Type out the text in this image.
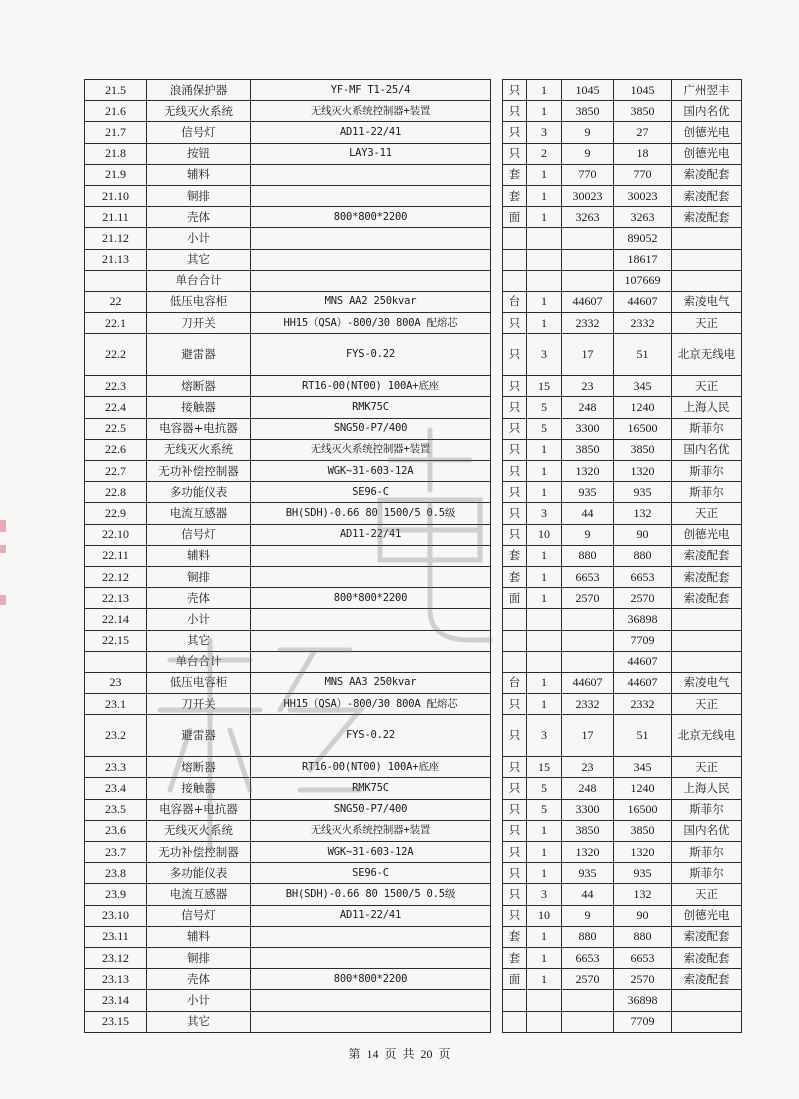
21.5	浪涌保护器	YF-MF T1-25/4		只	1	1045	1045	广州翌丰
21.6	无线灭火系统	无线灭火系统控制器+装置		只	1	3850	3850	国内名优
21.7	信号灯	AD11-22/41		只	3	9	27	创德光电
21.8	按钮	LAY3-11		只	2	9	18	创德光电
21.9	辅料			套	1	770	770	索凌配套
21.10	铜排			套	1	30023	30023	索凌配套
21.11	壳体	800*800*2200		面	1	3263	3263	索凌配套
21.12	小计						89052	
21.13	其它						18617	
	单台合计						107669	
22	低压电容柜	MNS AA2 250kvar		台	1	44607	44607	索凌电气
22.1	刀开关	HH15（QSA）-800/30 800A 配熔芯		只	1	2332	2332	天正
22.2	避雷器	FYS-0.22		只	3	17	51	北京无线电
22.3	熔断器	RT16-00(NT00) 100A+底座		只	15	23	345	天正
22.4	接触器	RMK75C		只	5	248	1240	上海人民
22.5	电容器+电抗器	SNG50-P7/400		只	5	3300	16500	斯菲尔
22.6	无线灭火系统	无线灭火系统控制器+装置		只	1	3850	3850	国内名优
22.7	无功补偿控制器	WGK~31-603-12A		只	1	1320	1320	斯菲尔
22.8	多功能仪表	SE96-C		只	1	935	935	斯菲尔
22.9	电流互感器	BH(SDH)-0.66 80 1500/5 0.5级		只	3	44	132	天正
22.10	信号灯	AD11-22/41		只	10	9	90	创德光电
22.11	辅料			套	1	880	880	索凌配套
22.12	铜排			套	1	6653	6653	索凌配套
22.13	壳体	800*800*2200		面	1	2570	2570	索凌配套
22.14	小计						36898	
22.15	其它						7709	
	单台合计						44607	
23	低压电容柜	MNS AA3 250kvar		台	1	44607	44607	索凌电气
23.1	刀开关	HH15（QSA）-800/30 800A 配熔芯		只	1	2332	2332	天正
23.2	避雷器	FYS-0.22		只	3	17	51	北京无线电
23.3	熔断器	RT16-00(NT00) 100A+底座		只	15	23	345	天正
23.4	接触器	RMK75C		只	5	248	1240	上海人民
23.5	电容器+电抗器	SNG50-P7/400		只	5	3300	16500	斯菲尔
23.6	无线灭火系统	无线灭火系统控制器+装置		只	1	3850	3850	国内名优
23.7	无功补偿控制器	WGK~31-603-12A		只	1	1320	1320	斯菲尔
23.8	多功能仪表	SE96-C		只	1	935	935	斯菲尔
23.9	电流互感器	BH(SDH)-0.66 80 1500/5 0.5级		只	3	44	132	天正
23.10	信号灯	AD11-22/41		只	10	9	90	创德光电
23.11	辅料			套	1	880	880	索凌配套
23.12	铜排			套	1	6653	6653	索凌配套
23.13	壳体	800*800*2200		面	1	2570	2570	索凌配套
23.14	小计						36898	
23.15	其它						7709	
第 14 页 共 20 页
